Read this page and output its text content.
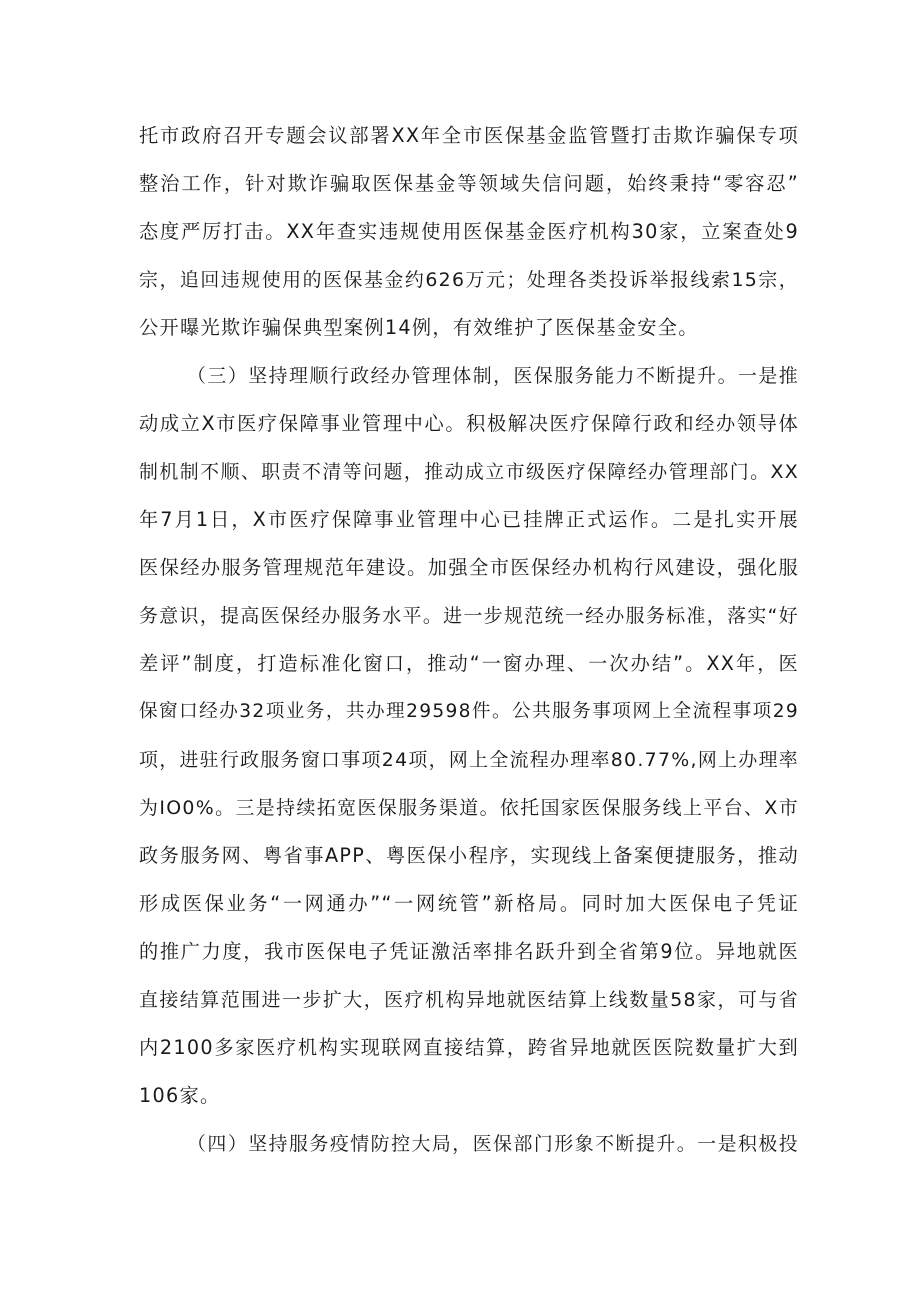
托市政府召开专题会议部署XX年全市医保基金监管暨打击欺诈骗保专项
整治工作，针对欺诈骗取医保基金等领域失信问题，始终秉持“零容忍”
态度严厉打击。XX年查实违规使用医保基金医疗机构30家，立案查处9
宗，追回违规使用的医保基金约626万元；处理各类投诉举报线索15宗，
公开曝光欺诈骗保典型案例14例，有效维护了医保基金安全。
（三）坚持理顺行政经办管理体制，医保服务能力不断提升。一是推
动成立X市医疗保障事业管理中心。积极解决医疗保障行政和经办领导体
制机制不顺、职责不清等问题，推动成立市级医疗保障经办管理部门。XX
年7月1日，X市医疗保障事业管理中心已挂牌正式运作。二是扎实开展
医保经办服务管理规范年建设。加强全市医保经办机构行风建设，强化服
务意识，提高医保经办服务水平。进一步规范统一经办服务标准，落实“好
差评”制度，打造标准化窗口，推动“一窗办理、一次办结”。XX年，医
保窗口经办32项业务，共办理29598件。公共服务事项网上全流程事项29
项，进驻行政服务窗口事项24项，网上全流程办理率80.77%,网上办理率
为IO0%。三是持续拓宽医保服务渠道。依托国家医保服务线上平台、X市
政务服务网、粤省事APP、粤医保小程序，实现线上备案便捷服务，推动
形成医保业务“一网通办”“一网统管”新格局。同时加大医保电子凭证
的推广力度，我市医保电子凭证激活率排名跃升到全省第9位。异地就医
直接结算范围进一步扩大，医疗机构异地就医结算上线数量58家，可与省
内2100多家医疗机构实现联网直接结算，跨省异地就医医院数量扩大到
106家。
（四）坚持服务疫情防控大局，医保部门形象不断提升。一是积极投
